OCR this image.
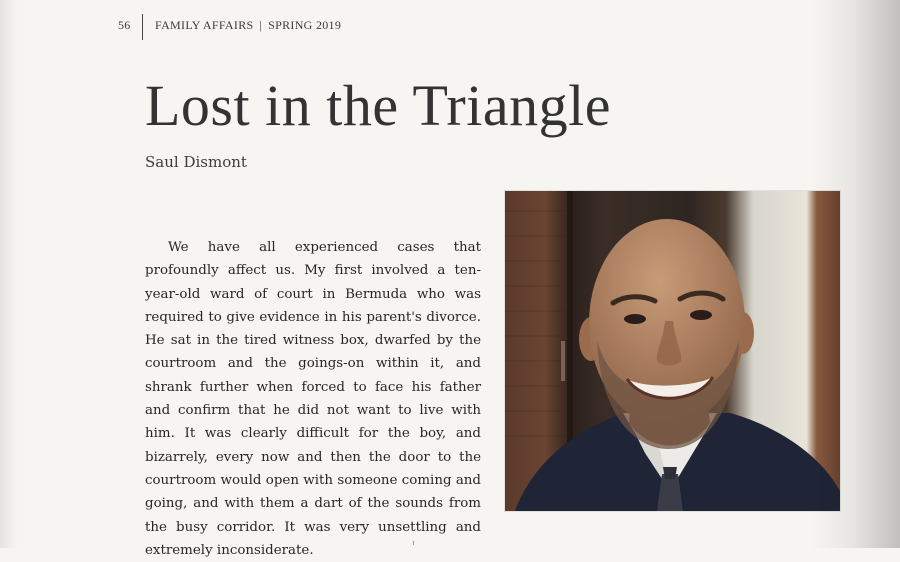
56	FAMILY AFFAIRS | SPRING 2019
Lost in the Triangle
Saul Dismont

We have all experienced cases that profoundly affect us. My first involved a ten-year-old ward of court in Bermuda who was required to give evidence in his parent's divorce. He sat in the tired witness box, dwarfed by the courtroom and the goings-on within it, and shrank further when forced to face his father and confirm that he did not want to live with him. It was clearly difficult for the boy, and bizarrely, every now and then the door to the courtroom would open with someone coming and going, and with them a dart of the sounds from the busy corridor. It was very unsettling and extremely inconsiderate.
